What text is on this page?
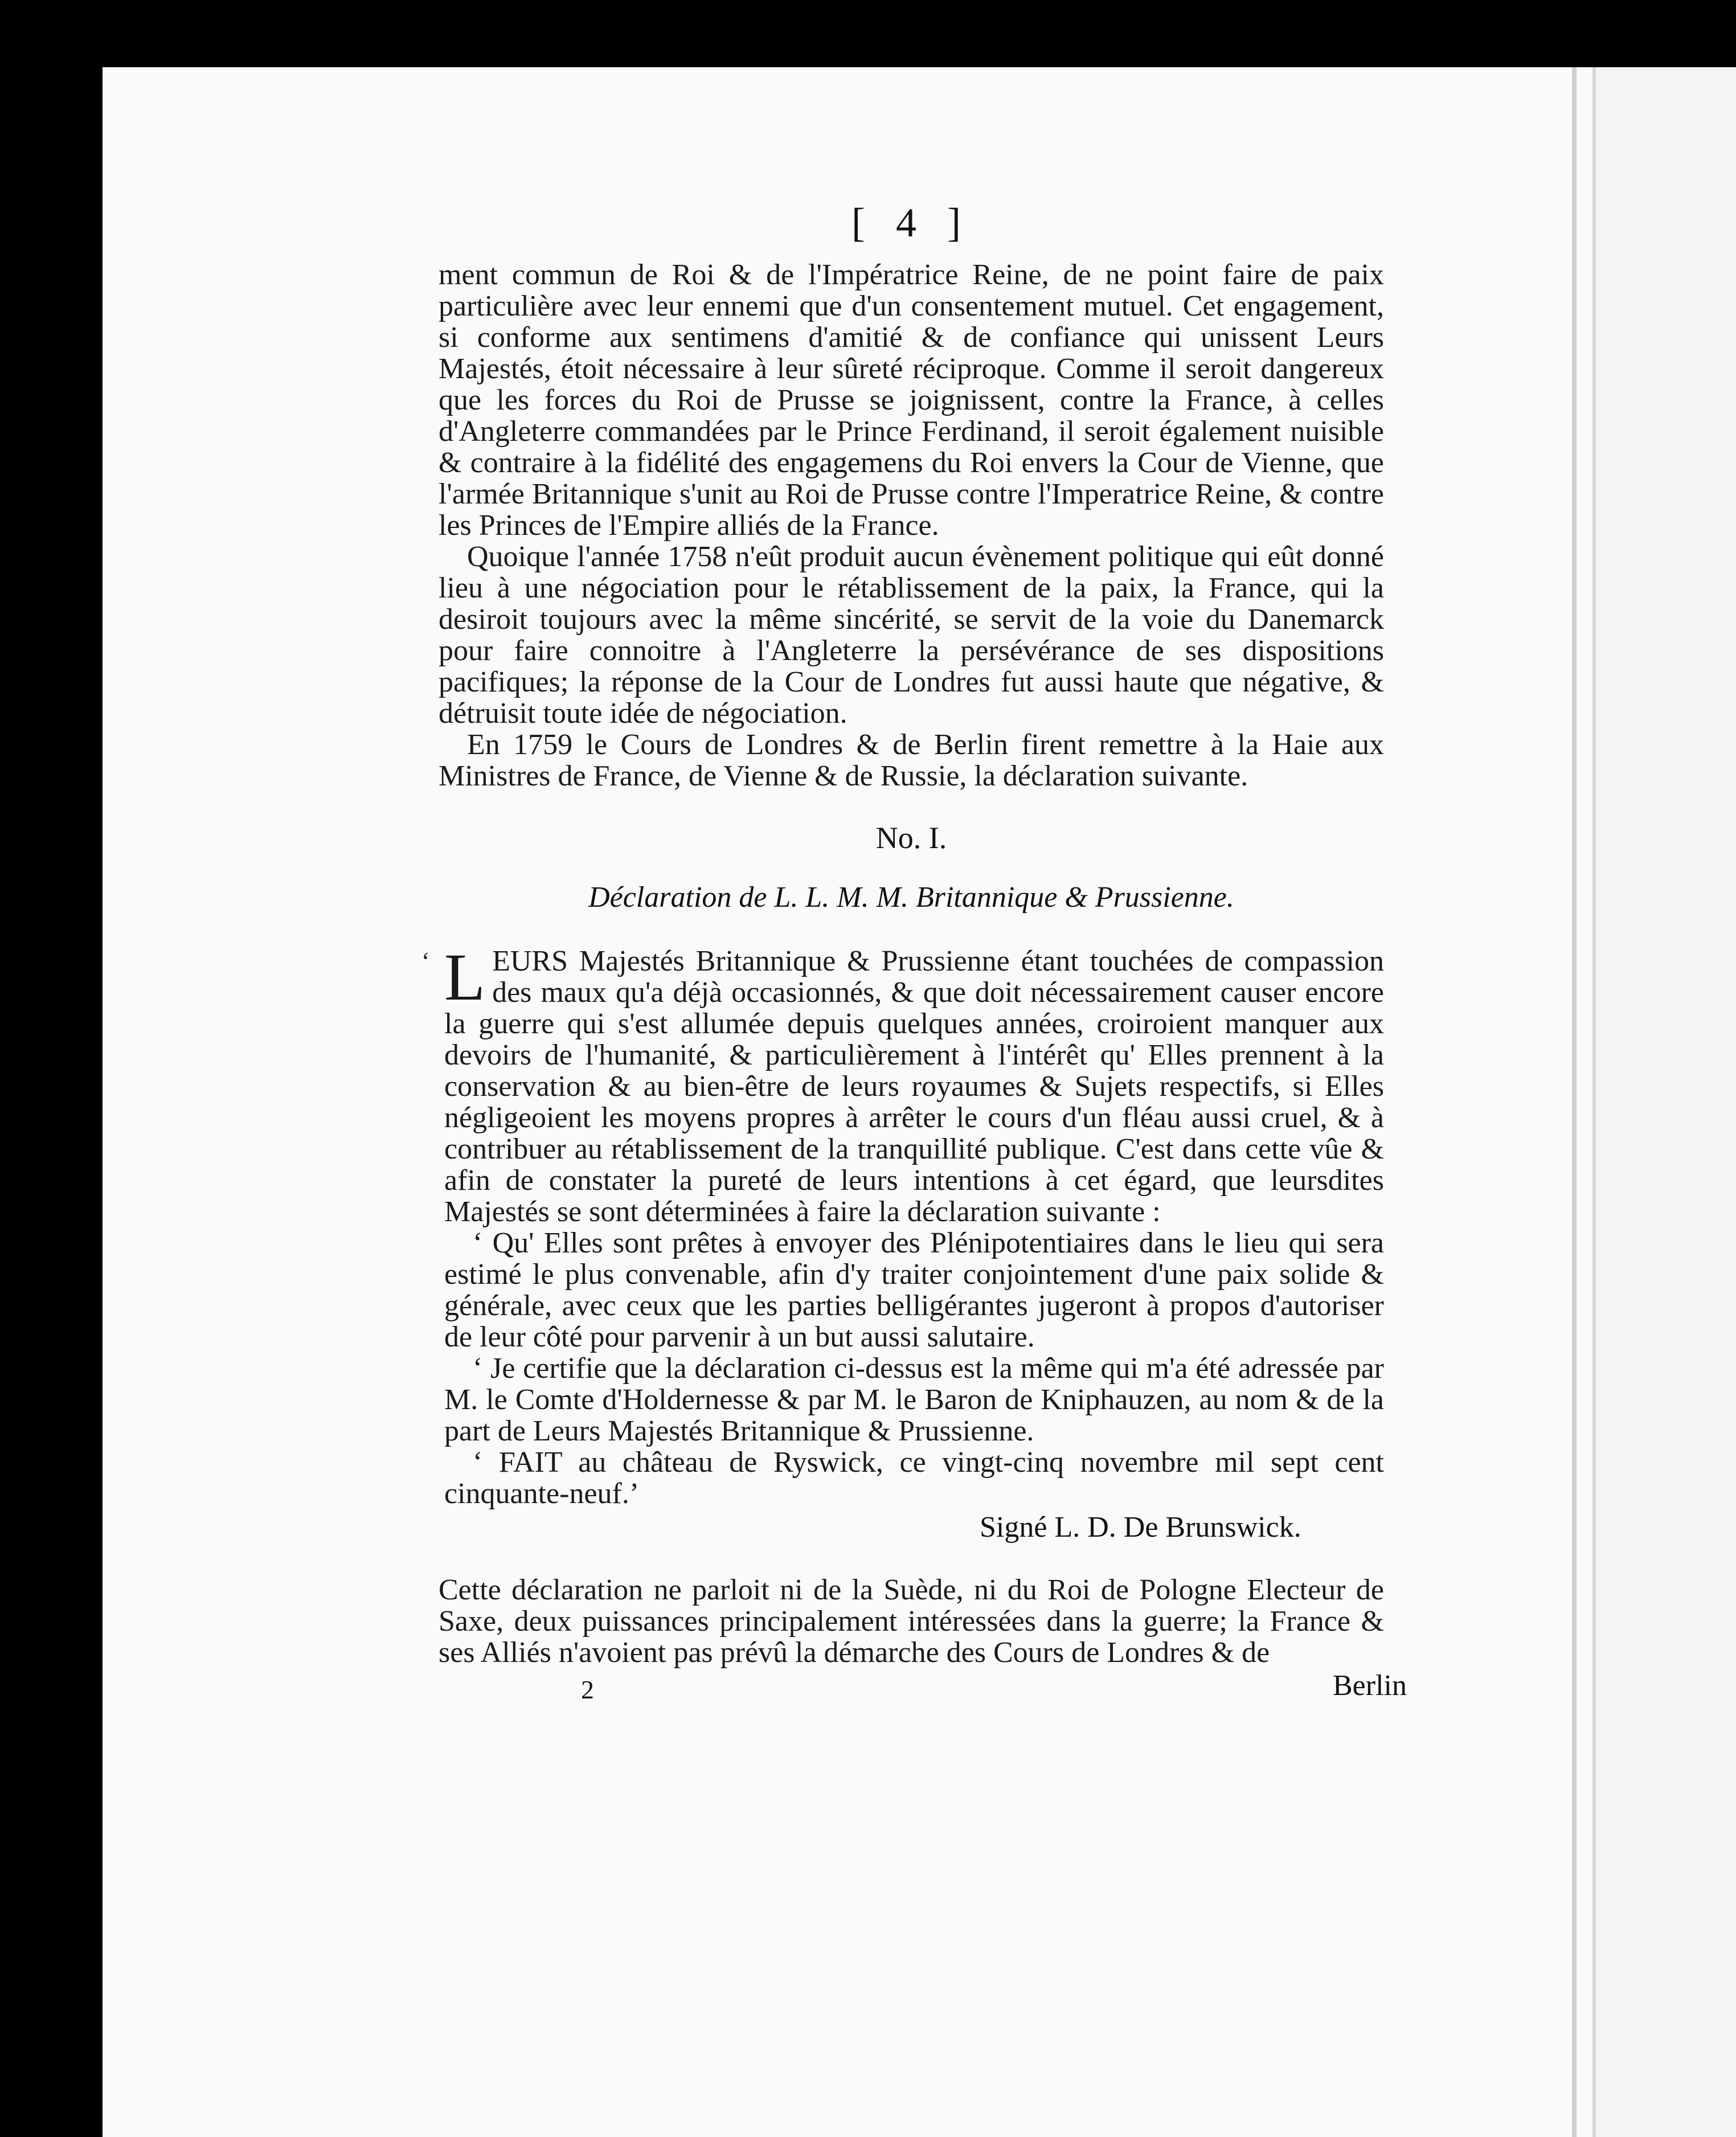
[ 4 ]

ment commun de Roi & de l'Impératrice Reine, de ne point faire de paix particulière avec leur ennemi que d'un consentement mutuel. Cet engagement, si conforme aux sentimens d'amitié & de confiance qui unissent Leurs Majestés, étoit nécessaire à leur sûreté réciproque. Comme il seroit dangereux que les forces du Roi de Prusse se joignissent, contre la France, à celles d'Angleterre commandées par le Prince Ferdinand, il seroit également nuisible & contraire à la fidélité des engagemens du Roi envers la Cour de Vienne, que l'armée Britannique s'unit au Roi de Prusse contre l'Imperatrice Reine, & contre les Princes de l'Empire alliés de la France.

Quoique l'année 1758 n'eût produit aucun évènement politique qui eût donné lieu à une négociation pour le rétablissement de la paix, la France, qui la desiroit toujours avec la même sincérité, se servit de la voie du Danemarck pour faire connoitre à l'Angleterre la persévérance de ses dispositions pacifiques; la réponse de la Cour de Londres fut aussi haute que négative, & détruisit toute idée de négociation.

En 1759 le Cours de Londres & de Berlin firent remettre à la Haie aux Ministres de France, de Vienne & de Russie, la déclaration suivante.

No. I.
Déclaration de L. L. M. M. Britannique & Prussienne.
‘ L EURS Majestés Britannique & Prussienne étant touchées de compassion des maux qu'a déjà occasionnés, & que doit nécessairement causer encore la guerre qui s'est allumée depuis quelques années, croiroient manquer aux devoirs de l'humanité, & particulièrement à l'intérêt qu' Elles prennent à la conservation & au bien-être de leurs royaumes & Sujets respectifs, si Elles négligeoient les moyens propres à arrêter le cours d'un fléau aussi cruel, & à contribuer au rétablissement de la tranquillité publique. C'est dans cette vûe & afin de constater la pureté de leurs intentions à cet égard, que leursdites Majestés se sont déterminées à faire la déclaration suivante :
‘ Qu' Elles sont prêtes à envoyer des Plénipotentiaires dans le lieu qui sera estimé le plus convenable, afin d'y traiter conjointement d'une paix solide & générale, avec ceux que les parties belligérantes jugeront à propos d'autoriser de leur côté pour parvenir à un but aussi salutaire.
‘ Je certifie que la déclaration ci-dessus est la même qui m'a été adressée par M. le Comte d'Holdernesse & par M. le Baron de Kniphauzen, au nom & de la part de Leurs Majestés Britannique & Prussienne.
‘ FAIT au château de Ryswick, ce vingt-cinq novembre mil sept cent cinquante-neuf.’
Signé L. D. De Brunswick.
Cette déclaration ne parloit ni de la Suède, ni du Roi de Pologne Electeur de Saxe, deux puissances principalement intéressées dans la guerre; la France & ses Alliés n'avoient pas prévû la démarche des Cours de Londres & de
2	Berlin
